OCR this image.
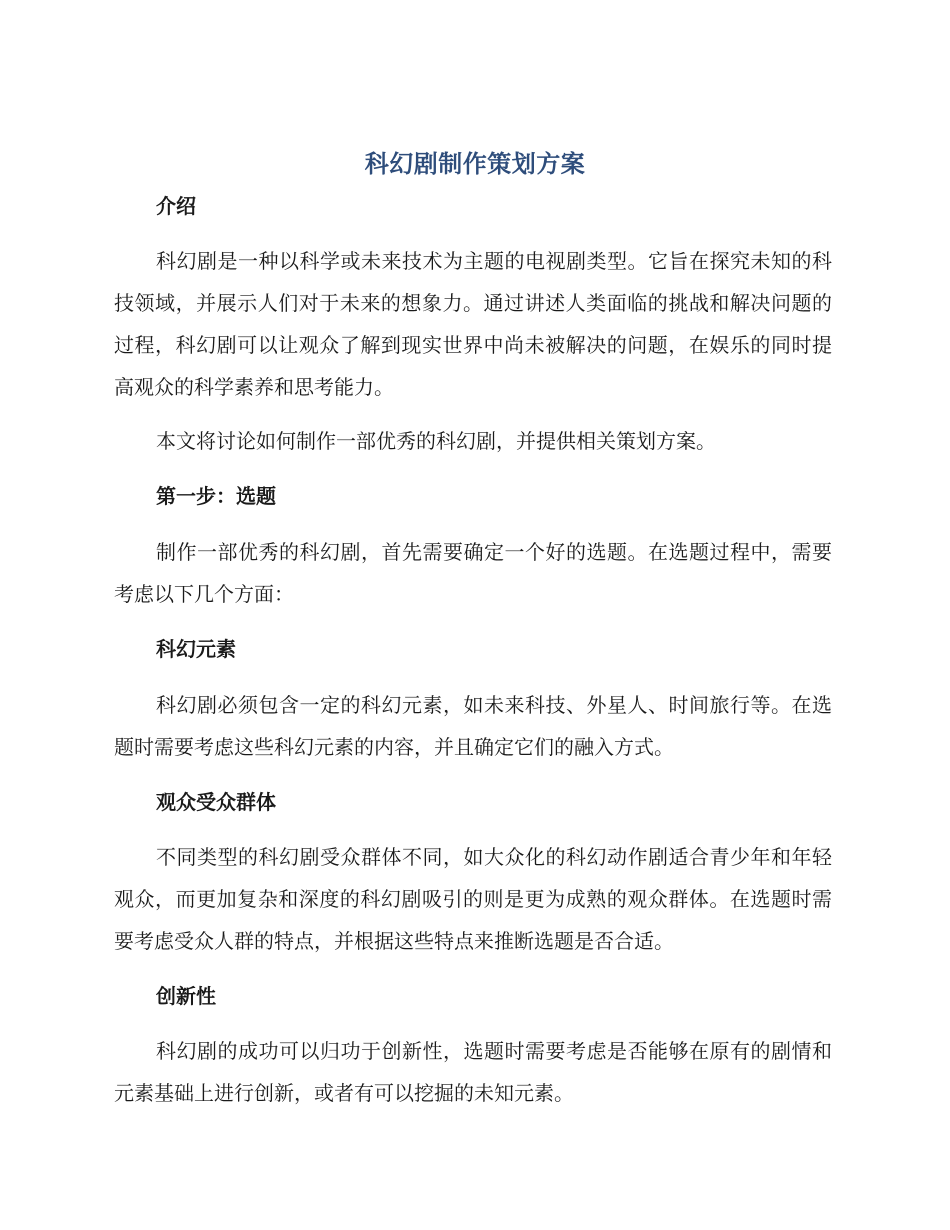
科幻剧制作策划方案
介绍
科幻剧是一种以科学或未来技术为主题的电视剧类型。它旨在探究未知的科技领域，并展示人们对于未来的想象力。通过讲述人类面临的挑战和解决问题的过程，科幻剧可以让观众了解到现实世界中尚未被解决的问题，在娱乐的同时提高观众的科学素养和思考能力。
本文将讨论如何制作一部优秀的科幻剧，并提供相关策划方案。
第一步：选题
制作一部优秀的科幻剧，首先需要确定一个好的选题。在选题过程中，需要考虑以下几个方面：
科幻元素
科幻剧必须包含一定的科幻元素，如未来科技、外星人、时间旅行等。在选题时需要考虑这些科幻元素的内容，并且确定它们的融入方式。
观众受众群体
不同类型的科幻剧受众群体不同，如大众化的科幻动作剧适合青少年和年轻观众，而更加复杂和深度的科幻剧吸引的则是更为成熟的观众群体。在选题时需要考虑受众人群的特点，并根据这些特点来推断选题是否合适。
创新性
科幻剧的成功可以归功于创新性，选题时需要考虑是否能够在原有的剧情和元素基础上进行创新，或者有可以挖掘的未知元素。
